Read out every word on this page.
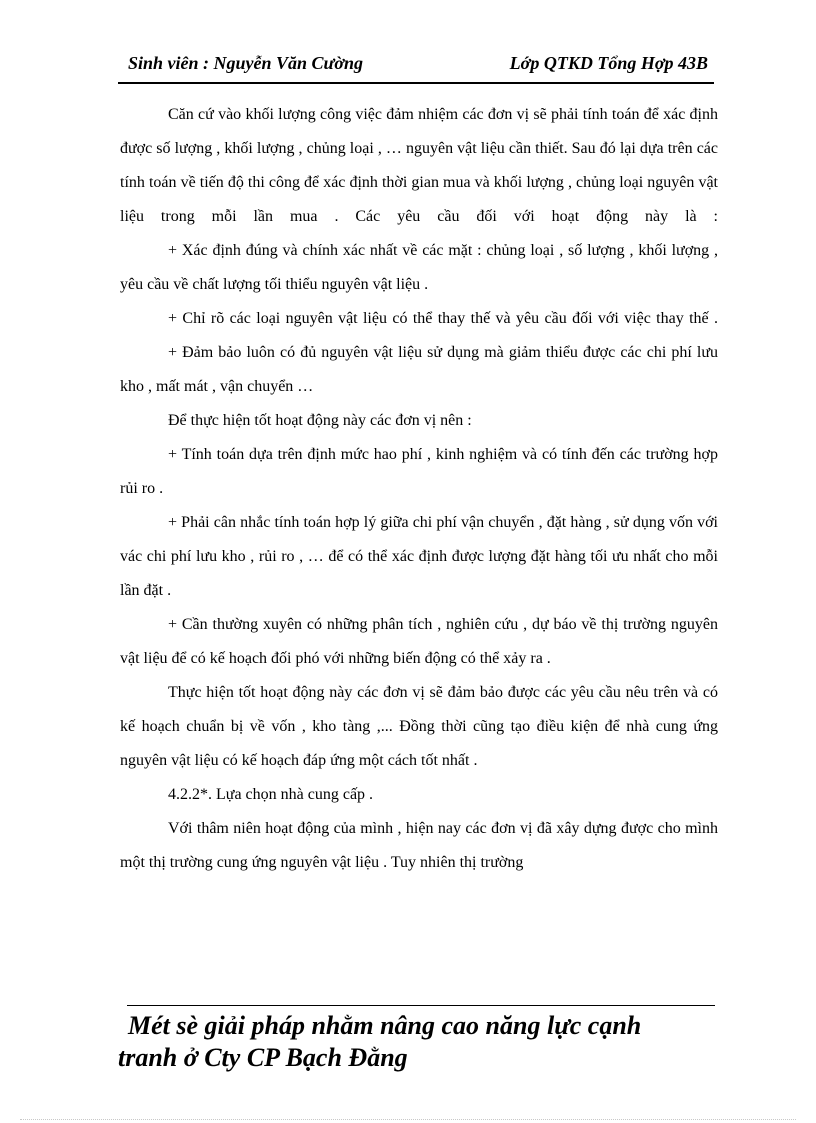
Sinh viên : Nguyễn Văn Cường	Lớp QTKD Tổng Hợp 43B

Căn cứ vào khối lượng công việc đảm nhiệm các đơn vị sẽ phải tính toán để xác định được số lượng , khối lượng , chủng loại , … nguyên vật liệu cần thiết. Sau đó lại dựa trên các tính toán về tiến độ thi công để xác định thời gian mua và khối lượng , chủng loại nguyên vật liệu trong mỗi lần mua . Các yêu cầu đối với hoạt động này là :

+ Xác định đúng và chính xác nhất về các mặt : chủng loại , số lượng , khối lượng , yêu cầu về chất lượng tối thiểu nguyên vật liệu .

+ Chỉ rõ các loại nguyên vật liệu có thể thay thế và yêu cầu đối với việc thay thế .

+ Đảm bảo luôn có đủ nguyên vật liệu sử dụng mà giảm thiểu được các chi phí lưu kho , mất mát , vận chuyển …

Để thực hiện tốt hoạt động này các đơn vị nên :

+ Tính toán dựa trên định mức hao phí , kinh nghiệm và có tính đến các trường hợp rủi ro .

+ Phải cân nhắc tính toán hợp lý giữa chi phí vận chuyển , đặt hàng , sử dụng vốn với vác chi phí lưu kho , rủi ro , … để có thể xác định được lượng đặt hàng tối ưu nhất cho mỗi lần đặt .

+ Cần thường xuyên có những phân tích , nghiên cứu , dự báo về thị trường nguyên vật liệu để có kế hoạch đối phó với những biến động có thể xảy ra .

Thực hiện tốt hoạt động này các đơn vị sẽ đảm bảo được các yêu cầu nêu trên và có kế hoạch chuẩn bị về vốn , kho tàng ,... Đồng thời cũng tạo điều kiện để nhà cung ứng nguyên vật liệu có kế hoạch đáp ứng một cách tốt nhất .

4.2.2*. Lựa chọn nhà cung cấp .

Với thâm niên hoạt động của mình , hiện nay các đơn vị đã xây dựng được cho mình một thị trường cung ứng nguyên vật liệu . Tuy nhiên thị trường

Mét sè giải pháp nhằm nâng cao năng lực cạnh
tranh ở Cty CP Bạch Đằng
